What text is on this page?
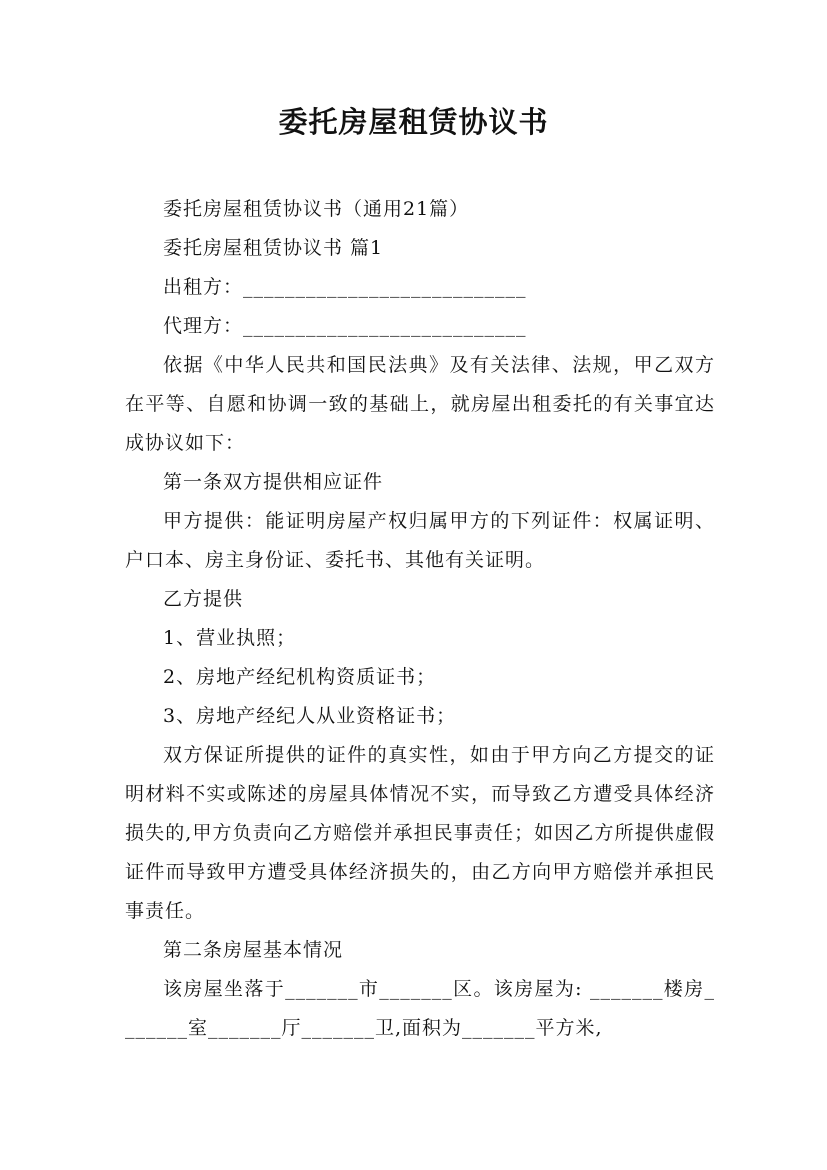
委托房屋租赁协议书

委托房屋租赁协议书（通用21篇）

委托房屋租赁协议书 篇1

出租方：___________________________

代理方：___________________________

依据《中华人民共和国民法典》及有关法律、法规，甲乙双方在平等、自愿和协调一致的基础上，就房屋出租委托的有关事宜达成协议如下：

第一条双方提供相应证件

甲方提供：能证明房屋产权归属甲方的下列证件：权属证明、户口本、房主身份证、委托书、其他有关证明。

乙方提供

1、营业执照；

2、房地产经纪机构资质证书；

3、房地产经纪人从业资格证书；

双方保证所提供的证件的真实性，如由于甲方向乙方提交的证明材料不实或陈述的房屋具体情况不实，而导致乙方遭受具体经济损失的,甲方负责向乙方赔偿并承担民事责任；如因乙方所提供虚假证件而导致甲方遭受具体经济损失的，由乙方向甲方赔偿并承担民事责任。

第二条房屋基本情况

该房屋坐落于_______市_______区。该房屋为: _______楼房_______室_______厅_______卫,面积为_______平方米,
